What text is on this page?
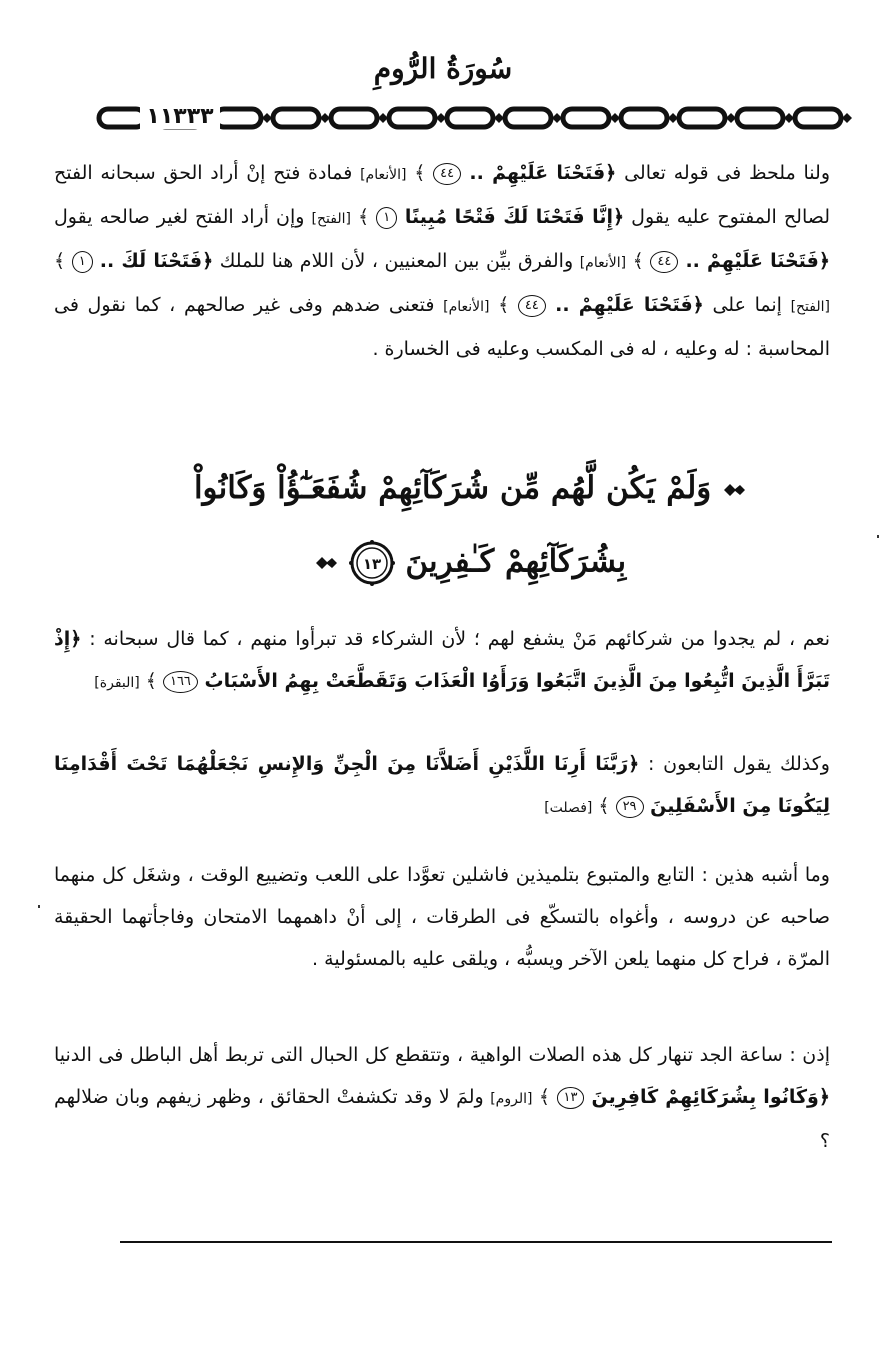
سُورَةُ الرُّومِ
١١٣٣٣

ولنا ملحظ فى قوله تعالى ﴿فَتَحْنَا عَلَيْهِمْ .. ٤٤ ﴾ [الأنعام] فمادة فتح إنْ أراد الحق سبحانه الفتح لصالح المفتوح عليه يقول ﴿إِنَّا فَتَحْنَا لَكَ فَتْحًا مُبِينًا ١ ﴾ [الفتح] وإن أراد الفتح لغير صالحه يقول ﴿فَتَحْنَا عَلَيْهِمْ .. ٤٤ ﴾ [الأنعام] والفرق بيِّن بين المعنيين ، لأن اللام هنا للملك ﴿فَتَحْنَا لَكَ .. ١ ﴾ [الفتح] إنما على ﴿فَتَحْنَا عَلَيْهِمْ .. ٤٤ ﴾ [الأنعام] فتعنى ضدهم وفى غير صالحهم ، كما نقول فى المحاسبة : له وعليه ، له فى المكسب وعليه فى الخسارة .

وَلَمْ يَكُن لَّهُم مِّن شُرَكَآئِهِمْ شُفَعَـٰٓؤُاْ وَكَانُواْ
بِشُرَكَآئِهِمْ كَـٰفِرِينَ
١٣

نعم ، لم يجدوا من شركائهم مَنْ يشفع لهم ؛ لأن الشركاء قد تبرأوا منهم ، كما قال سبحانه : ﴿إِذْ تَبَرَّأَ الَّذِينَ اتُّبِعُوا مِنَ الَّذِينَ اتَّبَعُوا وَرَأَوُا الْعَذَابَ وَتَقَطَّعَتْ بِهِمُ الأَسْبَابُ ١٦٦ ﴾ [البقرة]

وكذلك يقول التابعون : ﴿رَبَّنَا أَرِنَا اللَّذَيْنِ أَضَلاَّنَا مِنَ الْجِنِّ وَالإِنسِ نَجْعَلْهُمَا تَحْتَ أَقْدَامِنَا لِيَكُونَا مِنَ الأَسْفَلِينَ ٢٩ ﴾ [فصلت]

وما أشبه هذين : التابع والمتبوع بتلميذين فاشلين تعوَّدا على اللعب وتضييع الوقت ، وشغَل كل منهما صاحبه عن دروسه ، وأغواه بالتسكّع فى الطرقات ، إلى أنْ داهمهما الامتحان وفاجأتهما الحقيقة المرّة ، فراح كل منهما يلعن الآخر ويسبُّه ، ويلقى عليه بالمسئولية .

إذن : ساعة الجد تنهار كل هذه الصلات الواهية ، وتتقطع كل الحبال التى تربط أهل الباطل فى الدنيا ﴿وَكَانُوا بِشُرَكَائِهِمْ كَافِرِينَ ١٣ ﴾ [الروم] ولمَ لا وقد تكشفتْ الحقائق ، وظهر زيفهم وبان ضلالهم ؟
